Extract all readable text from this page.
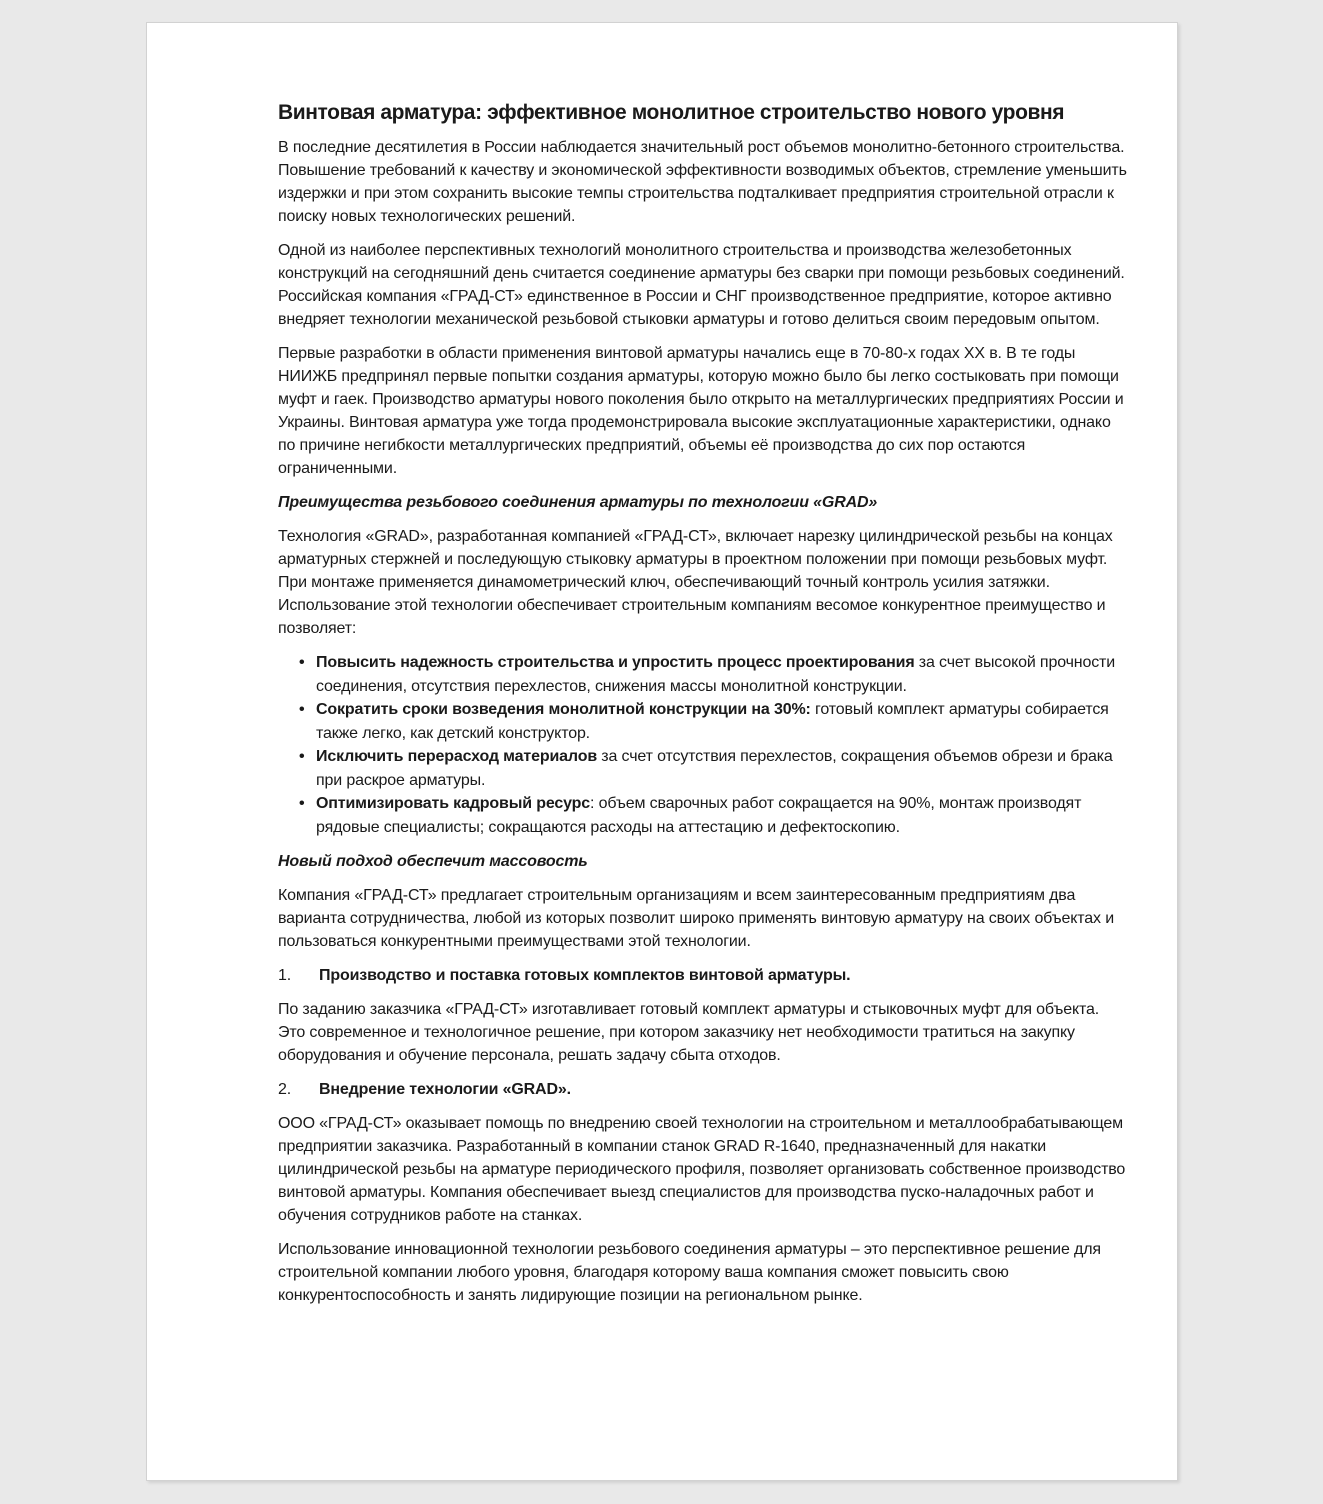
Винтовая арматура: эффективное монолитное строительство нового уровня

В последние десятилетия в России наблюдается значительный рост объемов монолитно-бетонного строительства. Повышение требований к качеству и экономической эффективности возводимых объектов, стремление уменьшить издержки и при этом сохранить высокие темпы строительства подталкивает предприятия строительной отрасли к поиску новых технологических решений.

Одной из наиболее перспективных технологий монолитного строительства и производства железобетонных конструкций на сегодняшний день считается соединение арматуры без сварки при помощи резьбовых соединений. Российская компания «ГРАД-СТ» единственное в России и СНГ производственное предприятие, которое активно внедряет технологии механической резьбовой стыковки арматуры и готово делиться своим передовым опытом.

Первые разработки в области применения винтовой арматуры начались еще в 70-80-х годах XX в. В те годы НИИЖБ предпринял первые попытки создания арматуры, которую можно было бы легко состыковать при помощи муфт и гаек. Производство арматуры нового поколения было открыто на металлургических предприятиях России и Украины. Винтовая арматура уже тогда продемонстрировала высокие эксплуатационные характеристики, однако по причине негибкости металлургических предприятий, объемы её производства до сих пор остаются ограниченными.

Преимущества резьбового соединения арматуры по технологии «GRAD»

Технология «GRAD», разработанная компанией «ГРАД-СТ», включает нарезку цилиндрической резьбы на концах арматурных стержней и последующую стыковку арматуры в проектном положении при помощи резьбовых муфт. При монтаже применяется динамометрический ключ, обеспечивающий точный контроль усилия затяжки. Использование этой технологии обеспечивает строительным компаниям весомое конкурентное преимущество и позволяет:

• Повысить надежность строительства и упростить процесс проектирования за счет высокой прочности соединения, отсутствия перехлестов, снижения массы монолитной конструкции.
• Сократить сроки возведения монолитной конструкции на 30%: готовый комплект арматуры собирается также легко, как детский конструктор.
• Исключить перерасход материалов за счет отсутствия перехлестов, сокращения объемов обрези и брака при раскрое арматуры.
• Оптимизировать кадровый ресурс: объем сварочных работ сокращается на 90%, монтаж производят рядовые специалисты; сокращаются расходы на аттестацию и дефектоскопию.
Новый подход обеспечит массовость

Компания «ГРАД-СТ» предлагает строительным организациям и всем заинтересованным предприятиям два варианта сотрудничества, любой из которых позволит широко применять винтовую арматуру на своих объектах и пользоваться конкурентными преимуществами этой технологии.

1.	Производство и поставка готовых комплектов винтовой арматуры.

По заданию заказчика «ГРАД-СТ» изготавливает готовый комплект арматуры и стыковочных муфт для объекта. Это современное и технологичное решение, при котором заказчику нет необходимости тратиться на закупку оборудования и обучение персонала, решать задачу сбыта отходов.

2.	Внедрение технологии «GRAD».

ООО «ГРАД-СТ» оказывает помощь по внедрению своей технологии на строительном и металлообрабатывающем предприятии заказчика. Разработанный в компании станок GRAD R-1640, предназначенный для накатки цилиндрической резьбы на арматуре периодического профиля, позволяет организовать собственное производство винтовой арматуры. Компания обеспечивает выезд специалистов для производства пуско-наладочных работ и обучения сотрудников работе на станках.

Использование инновационной технологии резьбового соединения арматуры – это перспективное решение для строительной компании любого уровня, благодаря которому ваша компания сможет повысить свою конкурентоспособность и занять лидирующие позиции на региональном рынке.
